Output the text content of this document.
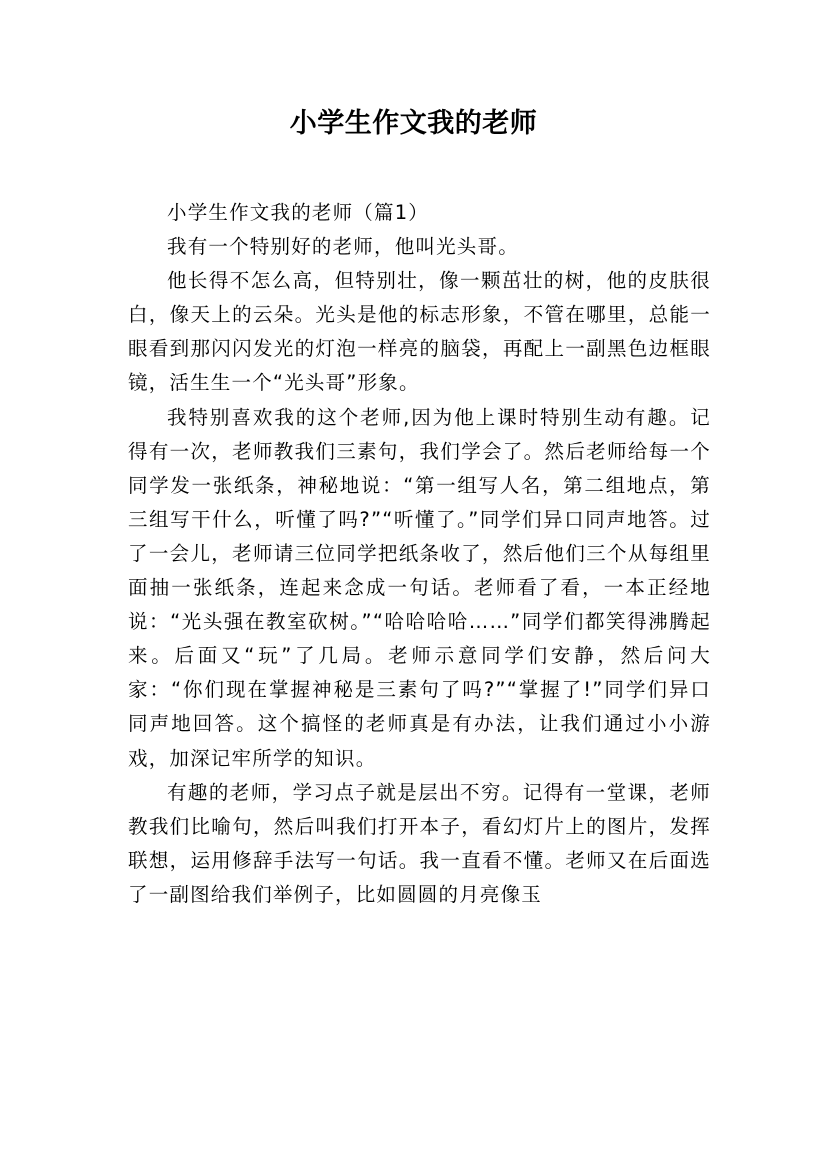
小学生作文我的老师

小学生作文我的老师（篇1）

我有一个特别好的老师，他叫光头哥。

他长得不怎么高，但特别壮，像一颗茁壮的树，他的皮肤很白，像天上的云朵。光头是他的标志形象，不管在哪里，总能一眼看到那闪闪发光的灯泡一样亮的脑袋，再配上一副黑色边框眼镜，活生生一个“光头哥”形象。

我特别喜欢我的这个老师,因为他上课时特别生动有趣。记得有一次，老师教我们三素句，我们学会了。然后老师给每一个同学发一张纸条，神秘地说：“第一组写人名，第二组地点，第三组写干什么，听懂了吗?”“听懂了。”同学们异口同声地答。过了一会儿，老师请三位同学把纸条收了，然后他们三个从每组里面抽一张纸条，连起来念成一句话。老师看了看，一本正经地说：“光头强在教室砍树。”“哈哈哈哈……”同学们都笑得沸腾起来。后面又“玩”了几局。老师示意同学们安静，然后问大家：“你们现在掌握神秘是三素句了吗?”“掌握了!”同学们异口同声地回答。这个搞怪的老师真是有办法，让我们通过小小游戏，加深记牢所学的知识。

有趣的老师，学习点子就是层出不穷。记得有一堂课，老师教我们比喻句，然后叫我们打开本子，看幻灯片上的图片，发挥联想，运用修辞手法写一句话。我一直看不懂。老师又在后面选了一副图给我们举例子，比如圆圆的月亮像玉
